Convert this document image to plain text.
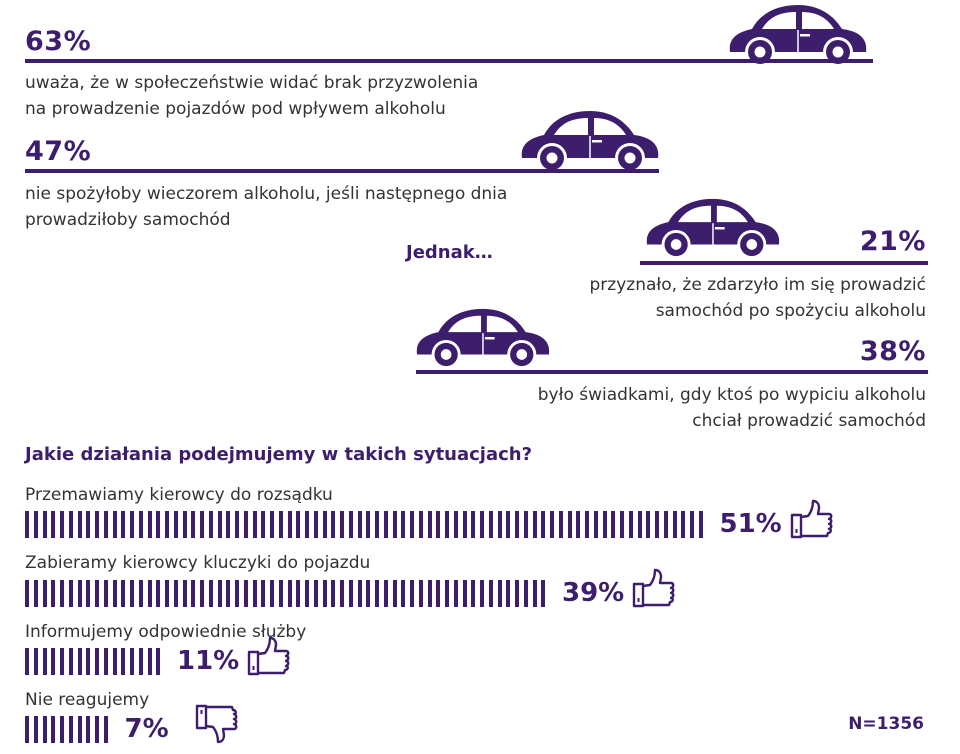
63%
uważa, że w społeczeństwie widać brak przyzwolenia
na prowadzenie pojazdów pod wpływem alkoholu
47%
nie spożyłoby wieczorem alkoholu, jeśli następnego dnia
prowadziłoby samochód
Jednak…	21%
przyznało, że zdarzyło im się prowadzić
samochód po spożyciu alkoholu
38%
było świadkami, gdy ktoś po wypiciu alkoholu
chciał prowadzić samochód
Jakie działania podejmujemy w takich sytuacjach?
Przemawiamy kierowcy do rozsądku
51%
Zabieramy kierowcy kluczyki do pojazdu
39%
Informujemy odpowiednie służby
11%
Nie reagujemy
7%	N=1356
